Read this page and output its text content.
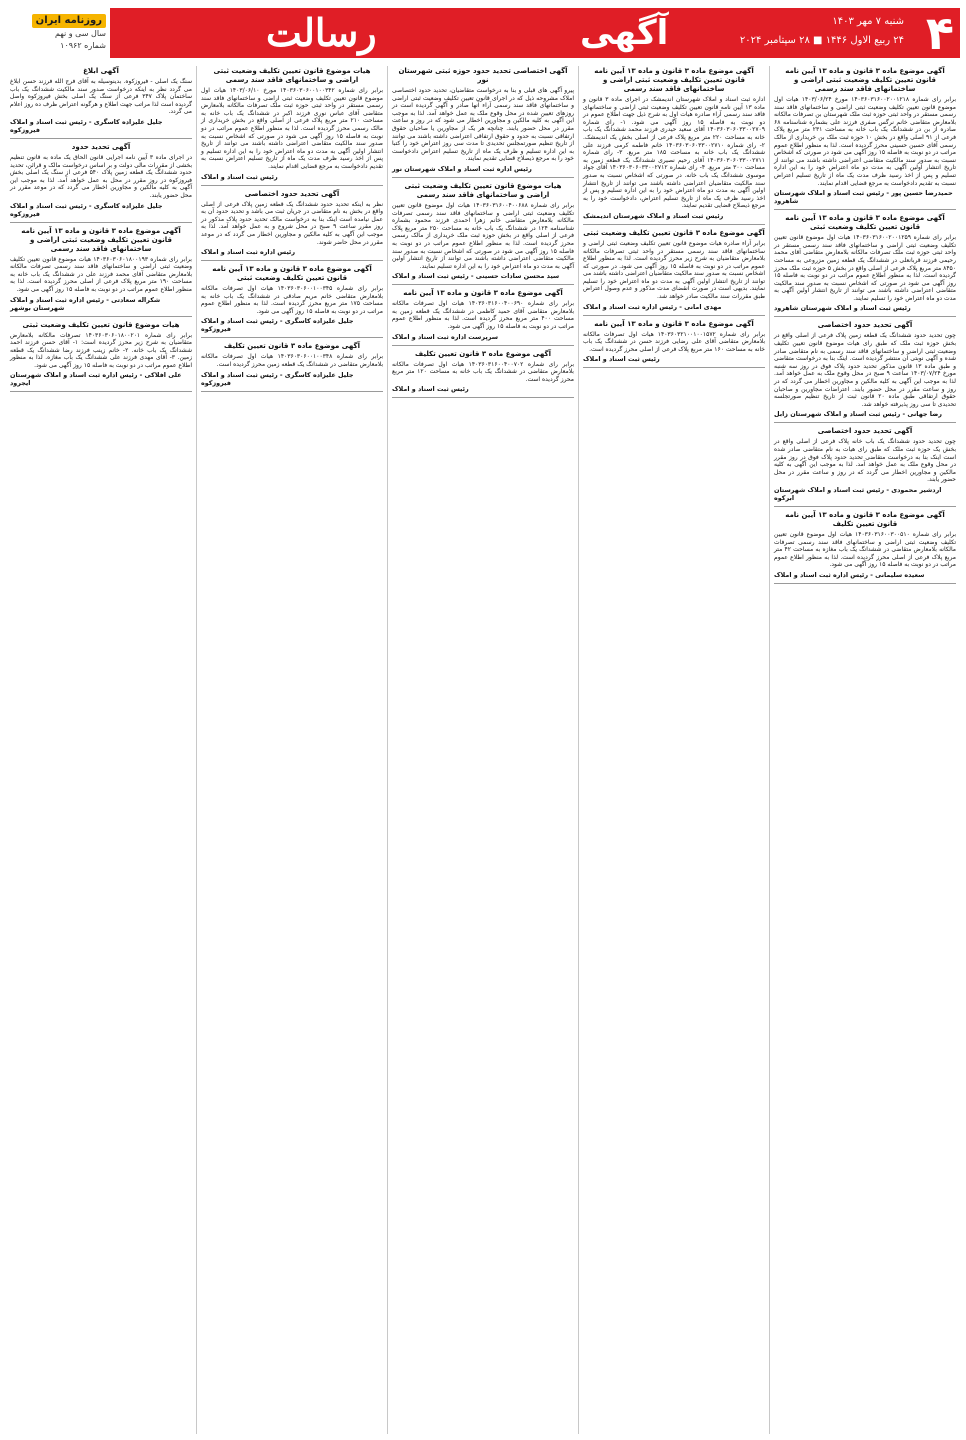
روزنامه ایران
سال سی و نهم
شماره ۱۰۹۶۲	رسالت	آگهی	شنبه ۷ مهر ۱۴۰۳
۲۴ ربیع الاول ۱۴۴۶ ■ ۲۸ سپتامبر ۲۰۲۴ ۴
آگهی موضوع ماده ۳ قانون و ماده ۱۳ آیین نامه قانون تعیین تکلیف وضعیت ثبتی اراضی و ساختمانهای فاقد سند رسمی

برابر رای شماره ۱۴۰۳۶۰۳۱۶۰۰۲۰۰۱۲۱۸ مورخ ۱۴۰۳/۰۶/۲۴ هیات اول موضوع قانون تعیین تکلیف وضعیت ثبتی اراضی و ساختمانهای فاقد سند رسمی مستقر در واحد ثبتی حوزه ثبت ملک شهرستان بن تصرفات مالکانه بلامعارض متقاضی خانم نرگس صفری فرزند علی بشماره شناسنامه ۶۸ صادره از بن در ششدانگ یک باب خانه به مساحت ۲۳۱ متر مربع پلاک فرعی از ۹۱ اصلی واقع در بخش ۱۰ حوزه ثبت ملک بن خریداری از مالک رسمی آقای حسین حسینی محرز گردیده است. لذا به منظور اطلاع عموم مراتب در دو نوبت به فاصله ۱۵ روز آگهی می شود در صورتی که اشخاص نسبت به صدور سند مالکیت متقاضی اعتراضی داشته باشند می توانند از تاریخ انتشار اولین آگهی به مدت دو ماه اعتراض خود را به این اداره تسلیم و پس از اخذ رسید ظرف مدت یک ماه از تاریخ تسلیم اعتراض نسبت به تقدیم دادخواست به مرجع قضایی اقدام نمایند.

حمیدرضا حسین پور - رئیس ثبت اسناد و املاک شهرستان شاهرود
آگهی موضوع ماده ۳ قانون و ماده ۱۳ آیین نامه قانون تعیین تکلیف وضعیت ثبتی

برابر رای شماره ۱۴۰۳۶۰۳۱۶۰۰۲۰۰۱۲۵۹ هیات اول موضوع قانون تعیین تکلیف وضعیت ثبتی اراضی و ساختمانهای فاقد سند رسمی مستقر در واحد ثبتی حوزه ثبت ملک تصرفات مالکانه بلامعارض متقاضی آقای محمد رحیمی فرزند قربانعلی در ششدانگ یک قطعه زمین مزروعی به مساحت ۸۴۵۰ متر مربع پلاک فرعی از اصلی واقع در بخش ۵ حوزه ثبت ملک محرز گردیده است. لذا به منظور اطلاع عموم مراتب در دو نوبت به فاصله ۱۵ روز آگهی می شود در صورتی که اشخاص نسبت به صدور سند مالکیت متقاضی اعتراضی داشته باشند می توانند از تاریخ انتشار اولین آگهی به مدت دو ماه اعتراض خود را تسلیم نمایند.

رئیس ثبت اسناد و املاک شهرستان شاهرود
آگهی تحدید حدود اختصاصی

چون تحدید حدود ششدانگ یک قطعه زمین پلاک فرعی از اصلی واقع در بخش حوزه ثبت ملک که طبق رای هیات موضوع قانون تعیین تکلیف وضعیت ثبتی اراضی و ساختمانهای فاقد سند رسمی به نام متقاضی صادر شده و آگهی نوبتی آن منتشر گردیده است. اینک بنا به درخواست متقاضی و طبق ماده ۱۳ قانون مذکور تحدید حدود پلاک فوق در روز سه شنبه مورخ ۱۴۰۳/۰۷/۲۴ ساعت ۹ صبح در محل وقوع ملک به عمل خواهد آمد. لذا به موجب این آگهی به کلیه مالکین و مجاورین اخطار می گردد که در روز و ساعت مقرر در محل حضور یابند. اعتراضات مجاورین و صاحبان حقوق ارتفاقی طبق ماده ۲۰ قانون ثبت از تاریخ تنظیم صورتجلسه تحدیدی تا سی روز پذیرفته خواهد شد.

رضا جهانی - رئیس ثبت اسناد و املاک شهرستان زابل
آگهی تحدید حدود اختصاصی

چون تحدید حدود ششدانگ یک باب خانه پلاک فرعی از اصلی واقع در بخش یک حوزه ثبت ملک که طبق رای هیات به نام متقاضی صادر شده است اینک بنا به درخواست متقاضی تحدید حدود پلاک فوق در روز مقرر در محل وقوع ملک به عمل خواهد آمد. لذا به موجب این آگهی به کلیه مالکین و مجاورین اخطار می گردد که در روز و ساعت مقرر در محل حضور یابند.

اردشیر محمودی - رئیس ثبت اسناد و املاک شهرستان ابرکوه
آگهی موضوع ماده ۳ قانون و ماده ۱۳ آیین نامه قانون تعیین تکلیف

برابر رای شماره ۱۴۰۳۶۰۳۱۶۰۰۳۰۰۵۱۰ هیات اول موضوع قانون تعیین تکلیف وضعیت ثبتی اراضی و ساختمانهای فاقد سند رسمی تصرفات مالکانه بلامعارض متقاضی در ششدانگ یک باب مغازه به مساحت ۴۲ متر مربع پلاک فرعی از اصلی محرز گردیده است. لذا به منظور اطلاع عموم مراتب در دو نوبت به فاصله ۱۵ روز آگهی می شود.

سعیده سلیمانی - رئیس اداره ثبت اسناد و املاک
آگهی موضوع ماده ۳ قانون و ماده ۱۳ آیین نامه قانون تعیین تکلیف وضعیت ثبتی اراضی و ساختمانهای فاقد سند رسمی

اداره ثبت اسناد و املاک شهرستان اندیمشک در اجرای ماده ۳ قانون و ماده ۱۳ آیین نامه قانون تعیین تکلیف وضعیت ثبتی اراضی و ساختمانهای فاقد سند رسمی آراء صادره هیات اول به شرح ذیل جهت اطلاع عموم در دو نوبت به فاصله ۱۵ روز آگهی می شود. ۱- رای شماره ۱۴۰۳۶۰۳۰۶۰۳۳۰۰۲۷۰۹ آقای سعید حیدری فرزند محمد ششدانگ یک باب خانه به مساحت ۲۲۰ متر مربع پلاک فرعی از اصلی بخش یک اندیمشک. ۲- رای شماره ۱۴۰۳۶۰۳۰۶۰۳۳۰۰۲۷۱۰ خانم فاطمه کرمی فرزند علی ششدانگ یک باب خانه به مساحت ۱۸۵ متر مربع. ۳- رای شماره ۱۴۰۳۶۰۳۰۶۰۳۳۰۰۲۷۱۱ آقای رحیم نصیری ششدانگ یک قطعه زمین به مساحت ۳۰۰ متر مربع. ۴- رای شماره ۱۴۰۳۶۰۳۰۶۰۳۳۰۰۲۷۱۲ آقای جواد موسوی ششدانگ یک باب خانه. در صورتی که اشخاص نسبت به صدور سند مالکیت متقاضیان اعتراضی داشته باشند می توانند از تاریخ انتشار اولین آگهی به مدت دو ماه اعتراض خود را به این اداره تسلیم و پس از اخذ رسید ظرف یک ماه از تاریخ تسلیم اعتراض، دادخواست خود را به مرجع ذیصلاح قضایی تقدیم نمایند.

رئیس ثبت اسناد و املاک شهرستان اندیمشک
آگهی موضوع ماده ۳ قانون تعیین تکلیف وضعیت ثبتی

برابر آراء صادره هیات موضوع قانون تعیین تکلیف وضعیت ثبتی اراضی و ساختمانهای فاقد سند رسمی مستقر در واحد ثبتی تصرفات مالکانه بلامعارض متقاضیان به شرح زیر محرز گردیده است. لذا به منظور اطلاع عموم مراتب در دو نوبت به فاصله ۱۵ روز آگهی می شود. در صورتی که اشخاص نسبت به صدور سند مالکیت متقاضیان اعتراضی داشته باشند می توانند از تاریخ انتشار اولین آگهی به مدت دو ماه اعتراض خود را تسلیم نمایند. بدیهی است در صورت انقضای مدت مذکور و عدم وصول اعتراض طبق مقررات سند مالکیت صادر خواهد شد.

مهدی امانی - رئیس اداره ثبت اسناد و املاک
آگهی موضوع ماده ۳ قانون و ماده ۱۳ آیین نامه

برابر رای شماره ۱۴۰۳۶۰۳۲۱۰۰۱۰۰۱۵۷۲ هیات اول تصرفات مالکانه بلامعارض متقاضی آقای علی رضایی فرزند حسن در ششدانگ یک باب خانه به مساحت ۱۶۰ متر مربع پلاک فرعی از اصلی محرز گردیده است.

رئیس ثبت اسناد و املاک
آگهی اختصاصی تحدید حدود حوزه ثبتی شهرستان نور

پیرو آگهی های قبلی و بنا به درخواست متقاضیان، تحدید حدود اختصاصی املاک مشروحه ذیل که در اجرای قانون تعیین تکلیف وضعیت ثبتی اراضی و ساختمانهای فاقد سند رسمی آراء آنها صادر و آگهی گردیده است در روزهای تعیین شده در محل وقوع ملک به عمل خواهد آمد. لذا به موجب این آگهی به کلیه مالکین و مجاورین اخطار می شود که در روز و ساعت مقرر در محل حضور یابند. چنانچه هر یک از مجاورین یا صاحبان حقوق ارتفاقی نسبت به حدود و حقوق ارتفاقی اعتراضی داشته باشند می توانند از تاریخ تنظیم صورتمجلس تحدیدی تا مدت سی روز اعتراض خود را کتبا به این اداره تسلیم و ظرف یک ماه از تاریخ تسلیم اعتراض دادخواست خود را به مرجع ذیصلاح قضایی تقدیم نمایند.

رئیس اداره ثبت اسناد و املاک شهرستان نور
هیات موضوع قانون تعیین تکلیف وضعیت ثبتی اراضی و ساختمانهای فاقد سند رسمی

برابر رای شماره ۱۴۰۳۶۰۳۱۶۰۰۴۰۰۶۸۸ هیات اول موضوع قانون تعیین تکلیف وضعیت ثبتی اراضی و ساختمانهای فاقد سند رسمی تصرفات مالکانه بلامعارض متقاضی خانم زهرا احمدی فرزند محمود بشماره شناسنامه ۱۲۴ در ششدانگ یک باب خانه به مساحت ۲۵۰ متر مربع پلاک فرعی از اصلی واقع در بخش حوزه ثبت ملک خریداری از مالک رسمی محرز گردیده است. لذا به منظور اطلاع عموم مراتب در دو نوبت به فاصله ۱۵ روز آگهی می شود در صورتی که اشخاص نسبت به صدور سند مالکیت متقاضی اعتراضی داشته باشند می توانند از تاریخ انتشار اولین آگهی به مدت دو ماه اعتراض خود را به این اداره تسلیم نمایند.

سید محسن سادات حسینی - رئیس ثبت اسناد و املاک
آگهی موضوع ماده ۳ قانون و ماده ۱۳ آیین نامه

برابر رای شماره ۱۴۰۳۶۰۳۱۶۰۰۴۰۰۶۹۰ هیات اول تصرفات مالکانه بلامعارض متقاضی آقای حمید کاظمی در ششدانگ یک قطعه زمین به مساحت ۴۰۰ متر مربع محرز گردیده است. لذا به منظور اطلاع عموم مراتب در دو نوبت به فاصله ۱۵ روز آگهی می شود.

سرپرست اداره ثبت اسناد و املاک
آگهی موضوع ماده ۳ قانون تعیین تکلیف

برابر رای شماره ۱۴۰۳۶۰۳۱۶۰۰۴۰۰۷۰۲ هیات اول تصرفات مالکانه بلامعارض متقاضی در ششدانگ یک باب خانه به مساحت ۱۲۰ متر مربع محرز گردیده است.

رئیس ثبت اسناد و املاک
هیات موضوع قانون تعیین تکلیف وضعیت ثبتی اراضی و ساختمانهای فاقد سند رسمی

برابر رای شماره ۱۴۰۳۶۰۳۰۶۰۰۱۰۰۳۴۲ مورخ ۱۴۰۳/۰۶/۱۰ هیات اول موضوع قانون تعیین تکلیف وضعیت ثبتی اراضی و ساختمانهای فاقد سند رسمی مستقر در واحد ثبتی حوزه ثبت ملک تصرفات مالکانه بلامعارض متقاضی آقای عباس نوری فرزند اکبر در ششدانگ یک باب خانه به مساحت ۲۱۰ متر مربع پلاک فرعی از اصلی واقع در بخش خریداری از مالک رسمی محرز گردیده است. لذا به منظور اطلاع عموم مراتب در دو نوبت به فاصله ۱۵ روز آگهی می شود در صورتی که اشخاص نسبت به صدور سند مالکیت متقاضی اعتراضی داشته باشند می توانند از تاریخ انتشار اولین آگهی به مدت دو ماه اعتراض خود را به این اداره تسلیم و پس از اخذ رسید ظرف مدت یک ماه از تاریخ تسلیم اعتراض نسبت به تقدیم دادخواست به مرجع قضایی اقدام نمایند.

رئیس ثبت اسناد و املاک
آگهی تحدید حدود اختصاصی

نظر به اینکه تحدید حدود ششدانگ یک قطعه زمین پلاک فرعی از اصلی واقع در بخش به نام متقاضی در جریان ثبت می باشد و تحدید حدود آن به عمل نیامده است اینک بنا به درخواست مالک تحدید حدود پلاک مذکور در روز مقرر ساعت ۹ صبح در محل شروع و به عمل خواهد آمد. لذا به موجب این آگهی به کلیه مالکین و مجاورین اخطار می گردد که در موعد مقرر در محل حاضر شوند.

رئیس اداره ثبت اسناد و املاک
آگهی موضوع ماده ۳ قانون و ماده ۱۳ آیین نامه قانون تعیین تکلیف وضعیت ثبتی

برابر رای شماره ۱۴۰۳۶۰۳۰۶۰۰۱۰۰۳۴۵ هیات اول تصرفات مالکانه بلامعارض متقاضی خانم مریم صادقی در ششدانگ یک باب خانه به مساحت ۱۷۵ متر مربع محرز گردیده است. لذا به منظور اطلاع عموم مراتب در دو نوبت به فاصله ۱۵ روز آگهی می شود.

جلیل علیزاده کاسگری - رئیس ثبت اسناد و املاک فیروزکوه
آگهی موضوع ماده ۳ قانون تعیین تکلیف

برابر رای شماره ۱۴۰۳۶۰۳۰۶۰۰۱۰۰۳۴۸ هیات اول تصرفات مالکانه بلامعارض متقاضی در ششدانگ یک قطعه زمین محرز گردیده است.

جلیل علیزاده کاسگری - رئیس ثبت اسناد و املاک فیروزکوه
آگهی ابلاغ

سنگ یک اصلی - فیروزکوه. بدینوسیله به آقای فرج الله فرزند حسن ابلاغ می گردد نظر به اینکه درخواست صدور سند مالکیت ششدانگ یک باب ساختمان پلاک ۳۴۷ فرعی از سنگ یک اصلی بخش فیروزکوه واصل گردیده است لذا مراتب جهت اطلاع و هرگونه اعتراض ظرف ده روز اعلام می گردد.

جلیل علیزاده کاسگری - رئیس ثبت اسناد و املاک فیروزکوه
آگهی تحدید حدود

در اجرای ماده ۳ آیین نامه اجرایی قانون الحاق یک ماده به قانون تنظیم بخشی از مقررات مالی دولت و بر اساس درخواست مالک و قرائن، تحدید حدود ششدانگ یک قطعه زمین پلاک ۵۴۰ فرعی از سنگ یک اصلی بخش فیروزکوه در روز مقرر در محل به عمل خواهد آمد. لذا به موجب این آگهی به کلیه مالکین و مجاورین اخطار می گردد که در موعد مقرر در محل حضور یابند.

جلیل علیزاده کاسگری - رئیس ثبت اسناد و املاک فیروزکوه
آگهی موضوع ماده ۳ قانون و ماده ۱۳ آیین نامه قانون تعیین تکلیف وضعیت ثبتی اراضی و ساختمانهای فاقد سند رسمی

برابر رای شماره ۱۴۰۳۶۰۳۰۶۰۱۸۰۰۱۹۳ هیات موضوع قانون تعیین تکلیف وضعیت ثبتی اراضی و ساختمانهای فاقد سند رسمی تصرفات مالکانه بلامعارض متقاضی آقای محمد فرزند علی در ششدانگ یک باب خانه به مساحت ۱۹۰ متر مربع پلاک فرعی از اصلی محرز گردیده است. لذا به منظور اطلاع عموم مراتب در دو نوبت به فاصله ۱۵ روز آگهی می شود.

شکراله سعادتی - رئیس اداره ثبت اسناد و املاک شهرستان بوشهر
هیات موضوع قانون تعیین تکلیف وضعیت ثبتی

برابر رای شماره ۱۴۰۳۶۰۳۰۶۰۱۸۰۰۲۰۱ تصرفات مالکانه بلامعارض متقاضیان به شرح زیر محرز گردیده است: ۱- آقای حسن فرزند احمد ششدانگ یک باب خانه. ۲- خانم زینب فرزند رضا ششدانگ یک قطعه زمین. ۳- آقای مهدی فرزند علی ششدانگ یک باب مغازه. لذا به منظور اطلاع عموم مراتب در دو نوبت به فاصله ۱۵ روز آگهی می شود.

علی افلاکی - رئیس اداره ثبت اسناد و املاک شهرستان ایجرود
